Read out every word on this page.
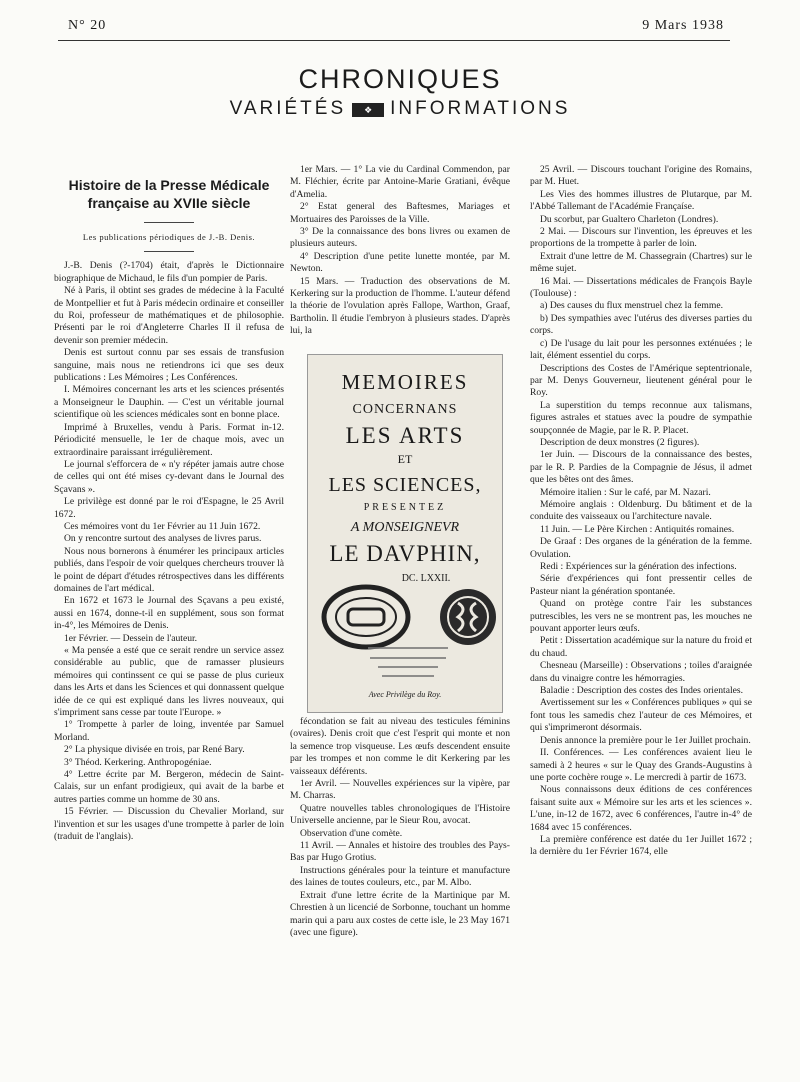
N° 20	9 Mars 1938
CHRONIQUES
VARIÉTÉS ❖ INFORMATIONS
Histoire de la Presse Médicale française au XVIIe siècle
Les publications périodiques de J.-B. Denis.

J.-B. Denis (?-1704) était, d'après le Dictionnaire biographique de Michaud, le fils d'un pompier de Paris.

Né à Paris, il obtint ses grades de médecine à la Faculté de Montpellier et fut à Paris médecin ordinaire et conseiller du Roi, professeur de mathématiques et de philosophie. Présenti par le roi d'Angleterre Charles II il refusa de devenir son premier médecin.

Denis est surtout connu par ses essais de transfusion sanguine, mais nous ne retiendrons ici que ses deux publications : Les Mémoires ; Les Conférences.

I. Mémoires concernant les arts et les sciences présentés a Monseigneur le Dauphin. — C'est un véritable journal scientifique où les sciences médicales sont en bonne place.

Imprimé à Bruxelles, vendu à Paris. Format in-12. Périodicité mensuelle, le 1er de chaque mois, avec un extraordinaire paraissant irrégulièrement.

Le journal s'efforcera de « n'y répéter jamais autre chose de celles qui ont été mises cy-devant dans le Journal des Sçavans ».

Le privilège est donné par le roi d'Espagne, le 25 Avril 1672.

Ces mémoires vont du 1er Février au 11 Juin 1672.

On y rencontre surtout des analyses de livres parus.

Nous nous bornerons à énumérer les principaux articles publiés, dans l'espoir de voir quelques chercheurs trouver là le point de départ d'études rétrospectives dans les différents domaines de l'art médical.

En 1672 et 1673 le Journal des Sçavans a peu existé, aussi en 1674, donne-t-il en supplément, sous son format in-4°, les Mémoires de Denis.

1er Février. — Dessein de l'auteur.

« Ma pensée a esté que ce serait rendre un service assez considérable au public, que de ramasser plusieurs mémoires qui continssent ce qui se passe de plus curieux dans les Arts et dans les Sciences et qui donnassent quelque idée de ce qui est expliqué dans les livres nouveaux, qui s'impriment sans cesse par toute l'Europe. »

1° Trompette à parler de loing, inventée par Samuel Morland.

2° La physique divisée en trois, par René Bary.

3° Théod. Kerkering. Anthropogéniae.

4° Lettre écrite par M. Bergeron, médecin de Saint-Calais, sur un enfant prodigieux, qui avait de la barbe et autres parties comme un homme de 30 ans.

15 Février. — Discussion du Chevalier Morland, sur l'invention et sur les usages d'une trompette à parler de loin (traduit de l'anglais).

1er Mars. — 1° La vie du Cardinal Commendon, par M. Fléchier, écrite par Antoine-Marie Gratiani, évêque d'Amelia.

2° Estat general des Baftesmes, Mariages et Mortuaires des Paroisses de la Ville.

3° De la connaissance des bons livres ou examen de plusieurs auteurs.

4° Description d'une petite lunette montée, par M. Newton.

15 Mars. — Traduction des observations de M. Kerkering sur la production de l'homme. L'auteur défend la théorie de l'ovulation après Fallope, Warthon, Graaf, Bartholin. Il étudie l'embryon à plusieurs stades. D'après lui, la

MEMOIRES
CONCERNANS
LES ARTS
ET
LES SCIENCES,
PRESENTEZ
A MONSEIGNEVR
LE DAVPHIN,
DC. LXXII.
Avec Privilège du Roy.

fécondation se fait au niveau des testicules féminins (ovaires). Denis croit que c'est l'esprit qui monte et non la semence trop visqueuse. Les œufs descendent ensuite par les trompes et non comme le dit Kerkering par les vaisseaux déférents.

1er Avril. — Nouvelles expériences sur la vipère, par M. Charras.

Quatre nouvelles tables chronologiques de l'Histoire Universelle ancienne, par le Sieur Rou, avocat.

Observation d'une comète.

11 Avril. — Annales et histoire des troubles des Pays-Bas par Hugo Grotius.

Instructions générales pour la teinture et manufacture des laines de toutes couleurs, etc., par M. Albo.

Extrait d'une lettre écrite de la Martinique par M. Chrestien à un licencié de Sorbonne, touchant un homme marin qui a paru aux costes de cette isle, le 23 May 1671 (avec une figure).

25 Avril. — Discours touchant l'origine des Romains, par M. Huet.

Les Vies des hommes illustres de Plutarque, par M. l'Abbé Tallemant de l'Académie Françaíse.

Du scorbut, par Gualtero Charleton (Londres).

2 Mai. — Discours sur l'invention, les épreuves et les proportions de la trompette à parler de loin.

Extrait d'une lettre de M. Chassegrain (Chartres) sur le même sujet.

16 Mai. — Dissertations médicales de François Bayle (Toulouse) :

a) Des causes du flux menstruel chez la femme.

b) Des sympathies avec l'utérus des diverses parties du corps.

c) De l'usage du lait pour les personnes exténuées ; le lait, élément essentiel du corps.

Descriptions des Costes de l'Amérique septentrionale, par M. Denys Gouverneur, lieutenent général pour le Roy.

La superstition du temps reconnue aux talismans, figures astrales et statues avec la poudre de sympathie soupçonnée de Magie, par le R. P. Placet.

Description de deux monstres (2 figures).

1er Juin. — Discours de la connaissance des bestes, par le R. P. Pardies de la Compagnie de Jésus, il admet que les bêtes ont des âmes.

Mémoire italien : Sur le café, par M. Nazari.

Mémoire anglais : Oldenburg. Du bâtiment et de la conduite des vaisseaux ou l'architecture navale.

11 Juin. — Le Père Kirchen : Antiquités romaines.

De Graaf : Des organes de la génération de la femme. Ovulation.

Redi : Expériences sur la génération des infections.

Série d'expériences qui font pressentir celles de Pasteur niant la génération spontanée.

Quand on protège contre l'air les substances putrescibles, les vers ne se montrent pas, les mouches ne pouvant apporter leurs œufs.

Petit : Dissertation académique sur la nature du froid et du chaud.

Chesneau (Marseille) : Observations ; toiles d'araignée dans du vinaigre contre les hémorragies.

Baladie : Description des costes des Indes orientales.

Avertissement sur les « Conférences publiques » qui se font tous les samedis chez l'auteur de ces Mémoires, et qui s'imprimeront désormais.

Denis annonce la première pour le 1er Juillet prochain.

II. Conférences. — Les conférences avaient lieu le samedi à 2 heures « sur le Quay des Grands-Augustins à une porte cochère rouge ». Le mercredi à partir de 1673.

Nous connaissons deux éditions de ces conférences faisant suite aux « Mémoire sur les arts et les sciences ». L'une, in-12 de 1672, avec 6 conférences, l'autre in-4° de 1684 avec 15 conférences.

La première conférence est datée du 1er Juillet 1672 ; la dernière du 1er Février 1674, elle
